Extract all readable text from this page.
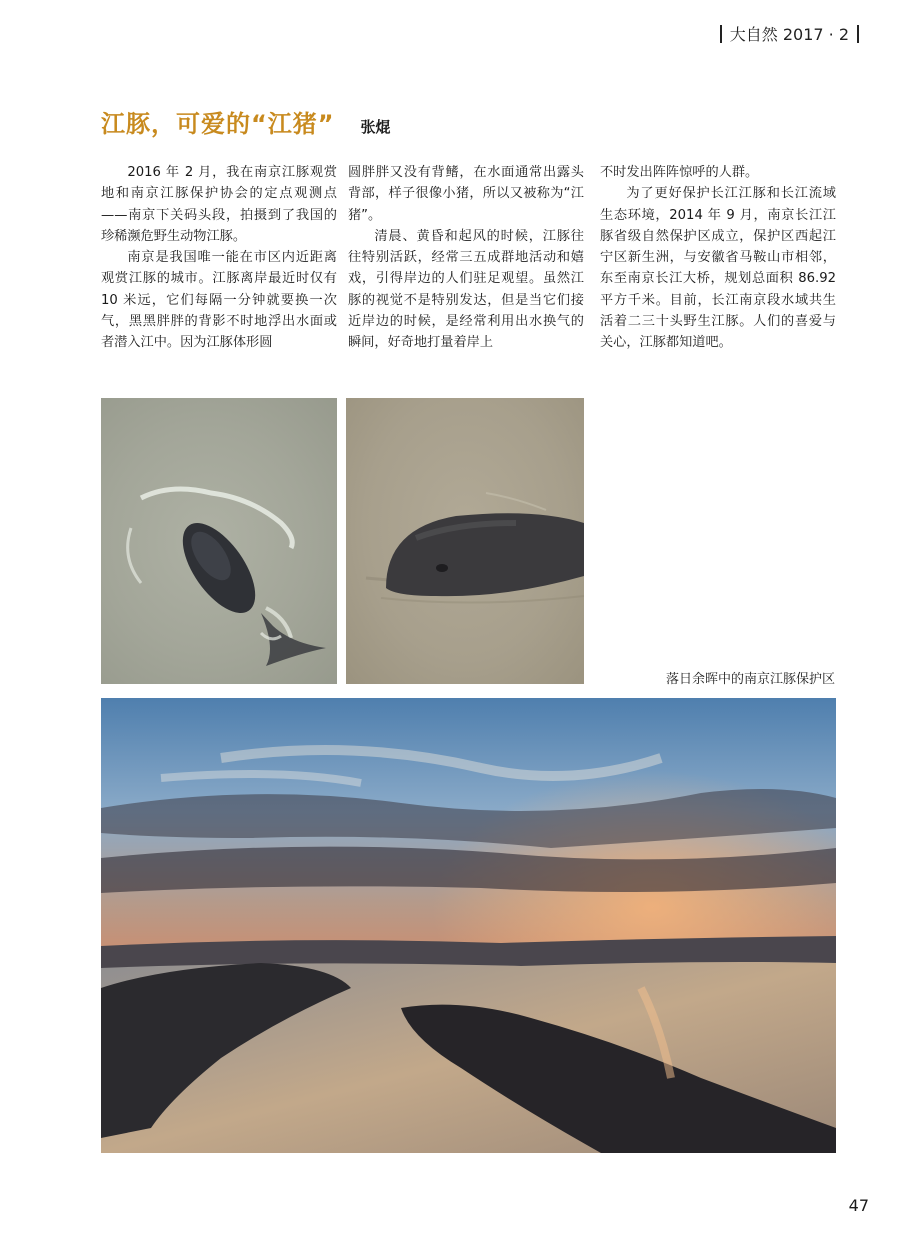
大自然 2017 · 2
江豚，可爱的“江猪” 张焜

2016 年 2 月，我在南京江豚观赏地和南京江豚保护协会的定点观测点——南京下关码头段，拍摄到了我国的珍稀濒危野生动物江豚。

南京是我国唯一能在市区内近距离观赏江豚的城市。江豚离岸最近时仅有 10 米远，它们每隔一分钟就要换一次气，黑黑胖胖的背影不时地浮出水面或者潜入江中。因为江豚体形圆

圆胖胖又没有背鳍，在水面通常出露头背部，样子很像小猪，所以又被称为“江猪”。

清晨、黄昏和起风的时候，江豚往往特别活跃，经常三五成群地活动和嬉戏，引得岸边的人们驻足观望。虽然江豚的视觉不是特别发达，但是当它们接近岸边的时候，是经常利用出水换气的瞬间，好奇地打量着岸上

不时发出阵阵惊呼的人群。

为了更好保护长江江豚和长江流域生态环境，2014 年 9 月，南京长江江豚省级自然保护区成立，保护区西起江宁区新生洲，与安徽省马鞍山市相邻，东至南京长江大桥，规划总面积 86.92 平方千米。目前，长江南京段水域共生活着二三十头野生江豚。人们的喜爱与关心，江豚都知道吧。

落日余晖中的南京江豚保护区
47
